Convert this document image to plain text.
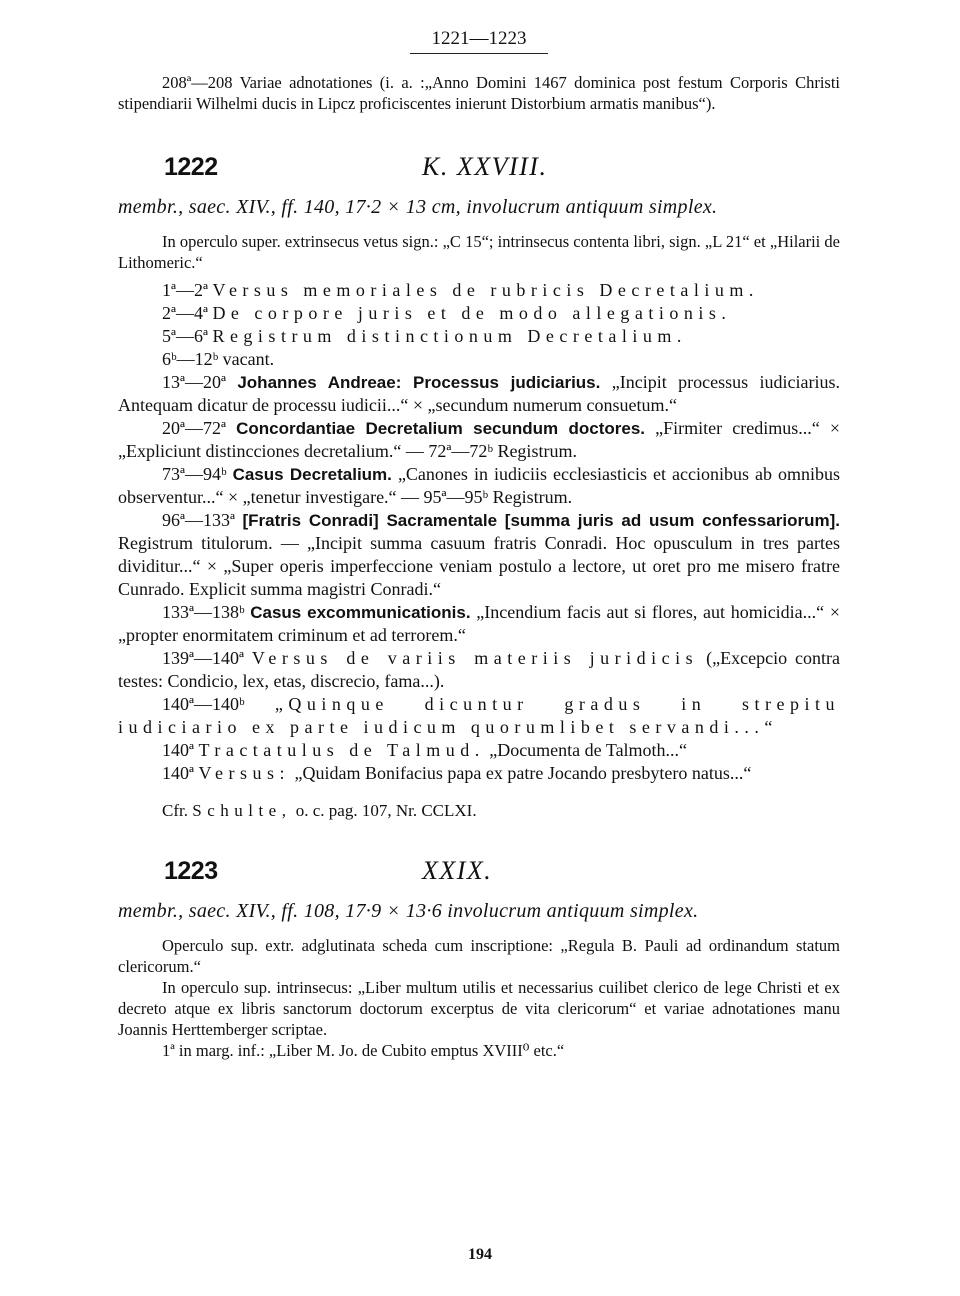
1221—1223

208ª—208 Variae adnotationes (i. a. :„Anno Domini 1467 dominica post festum Corporis Christi stipendiarii Wilhelmi ducis in Lipcz proficiscentes inierunt Distorbium armatis manibus“).

1222	K. XXVIII.
membr., saec. XIV., ff. 140, 17·2 × 13 cm, involucrum antiquum simplex.

In operculo super. extrinsecus vetus sign.: „C 15“; intrinsecus contenta libri, sign. „L 21“ et „Hilarii de Lithomeric.“

1ª—2ª Versus memoriales de rubricis Decretalium.

2ª—4ª De corpore juris et de modo allegationis.

5ª—6ª Registrum distinctionum Decretalium.

6ᵇ—12ᵇ vacant.

13ª—20ª Johannes Andreae: Processus judiciarius. „Incipit processus iudiciarius. Antequam dicatur de processu iudicii...“ × „secundum numerum consuetum.“

20ª—72ª Concordantiae Decretalium secundum doctores. „Firmiter credimus...“ × „Expliciunt distincciones decretalium.“ — 72ª—72ᵇ Registrum.

73ª—94ᵇ Casus Decretalium. „Canones in iudiciis ecclesiasticis et accionibus ab omnibus observentur...“ × „tenetur investigare.“ — 95ª—95ᵇ Registrum.

96ª—133ª [Fratris Conradi] Sacramentale [summa juris ad usum confessariorum]. Registrum titulorum. — „Incipit summa casuum fratris Conradi. Hoc opusculum in tres partes dividitur...“ × „Super operis imperfeccione veniam postulo a lectore, ut oret pro me misero fratre Cunrado. Explicit summa magistri Conradi.“

133ª—138ᵇ Casus excommunicationis. „Incendium facis aut si flores, aut homicidia...“ × „propter enormitatem criminum et ad terrorem.“

139ª—140ª Versus de variis materiis juridicis („Excepcio contra testes: Condicio, lex, etas, discrecio, fama...).

140ª—140ᵇ „Quinque dicuntur gradus in strepitu iudiciario ex parte iudicum quorumlibet servandi...“

140ª Tractatulus de Talmud. „Documenta de Talmoth...“

140ª Versus: „Quidam Bonifacius papa ex patre Jocando presbytero natus...“

Cfr. Schulte, o. c. pag. 107, Nr. CCLXI.

1223	XXIX.
membr., saec. XIV., ff. 108, 17·9 × 13·6 involucrum antiquum simplex.

Operculo sup. extr. adglutinata scheda cum inscriptione: „Regula B. Pauli ad ordinandum statum clericorum.“

In operculo sup. intrinsecus: „Liber multum utilis et necessarius cuilibet clerico de lege Christi et ex decreto atque ex libris sanctorum doctorum excerptus de vita clericorum“ et variae adnotationes manu Joannis Herttemberger scriptae.

1ª in marg. inf.: „Liber M. Jo. de Cubito emptus XVIII⁰ etc.“

194
